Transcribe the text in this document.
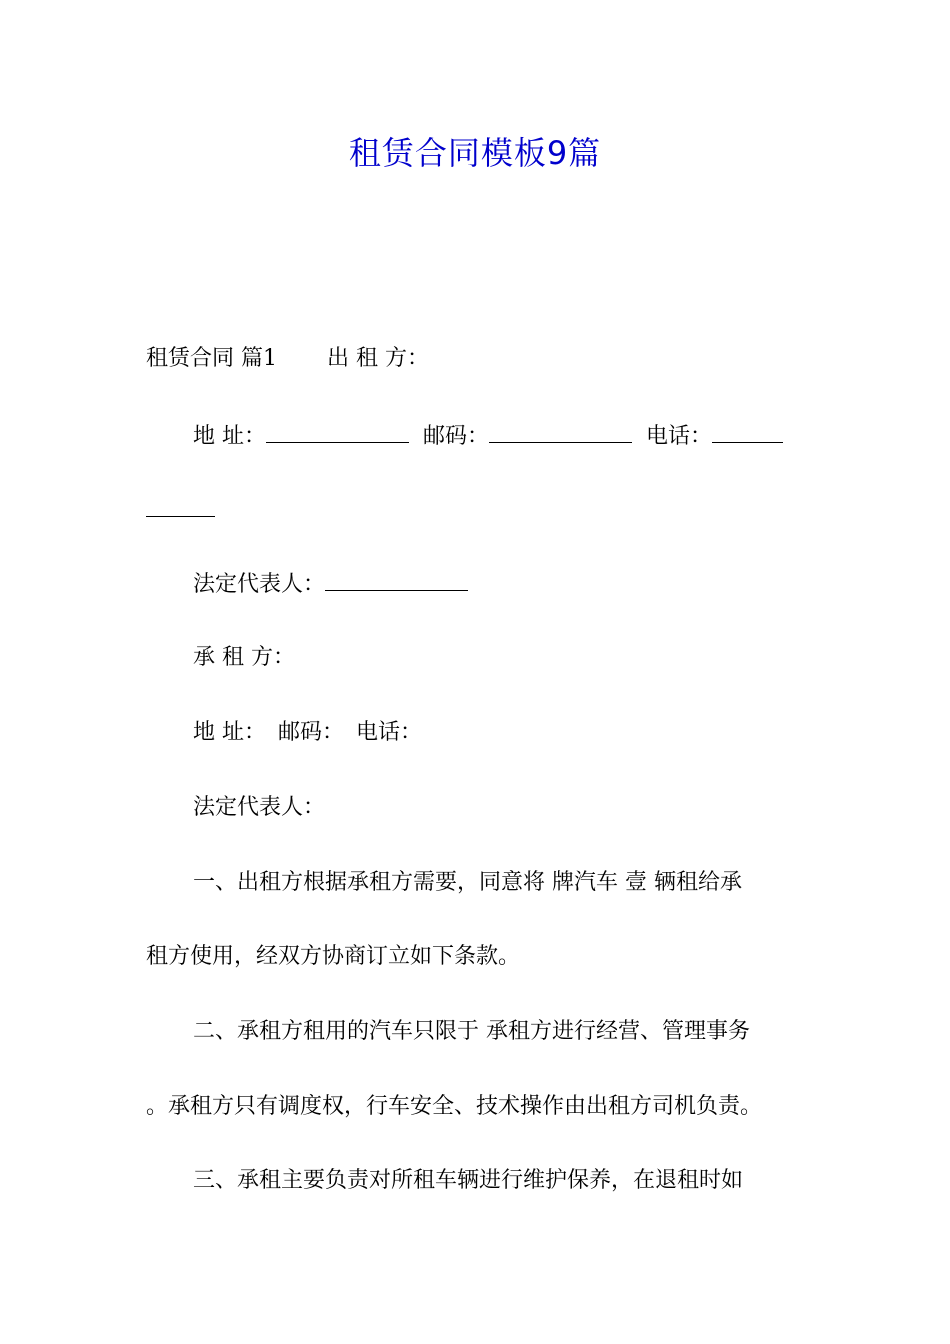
租赁合同模板9篇
租赁合同 篇1 出 租 方：
地 址：	邮码：	电话：
法定代表人：
承 租 方：
地 址： 邮码： 电话：
法定代表人：
一、出租方根据承租方需要，同意将 牌汽车 壹 辆租给承
租方使用，经双方协商订立如下条款。
二、承租方租用的汽车只限于 承租方进行经营、管理事务
。承租方只有调度权，行车安全、技术操作由出租方司机负责。
三、承租主要负责对所租车辆进行维护保养，在退租时如
